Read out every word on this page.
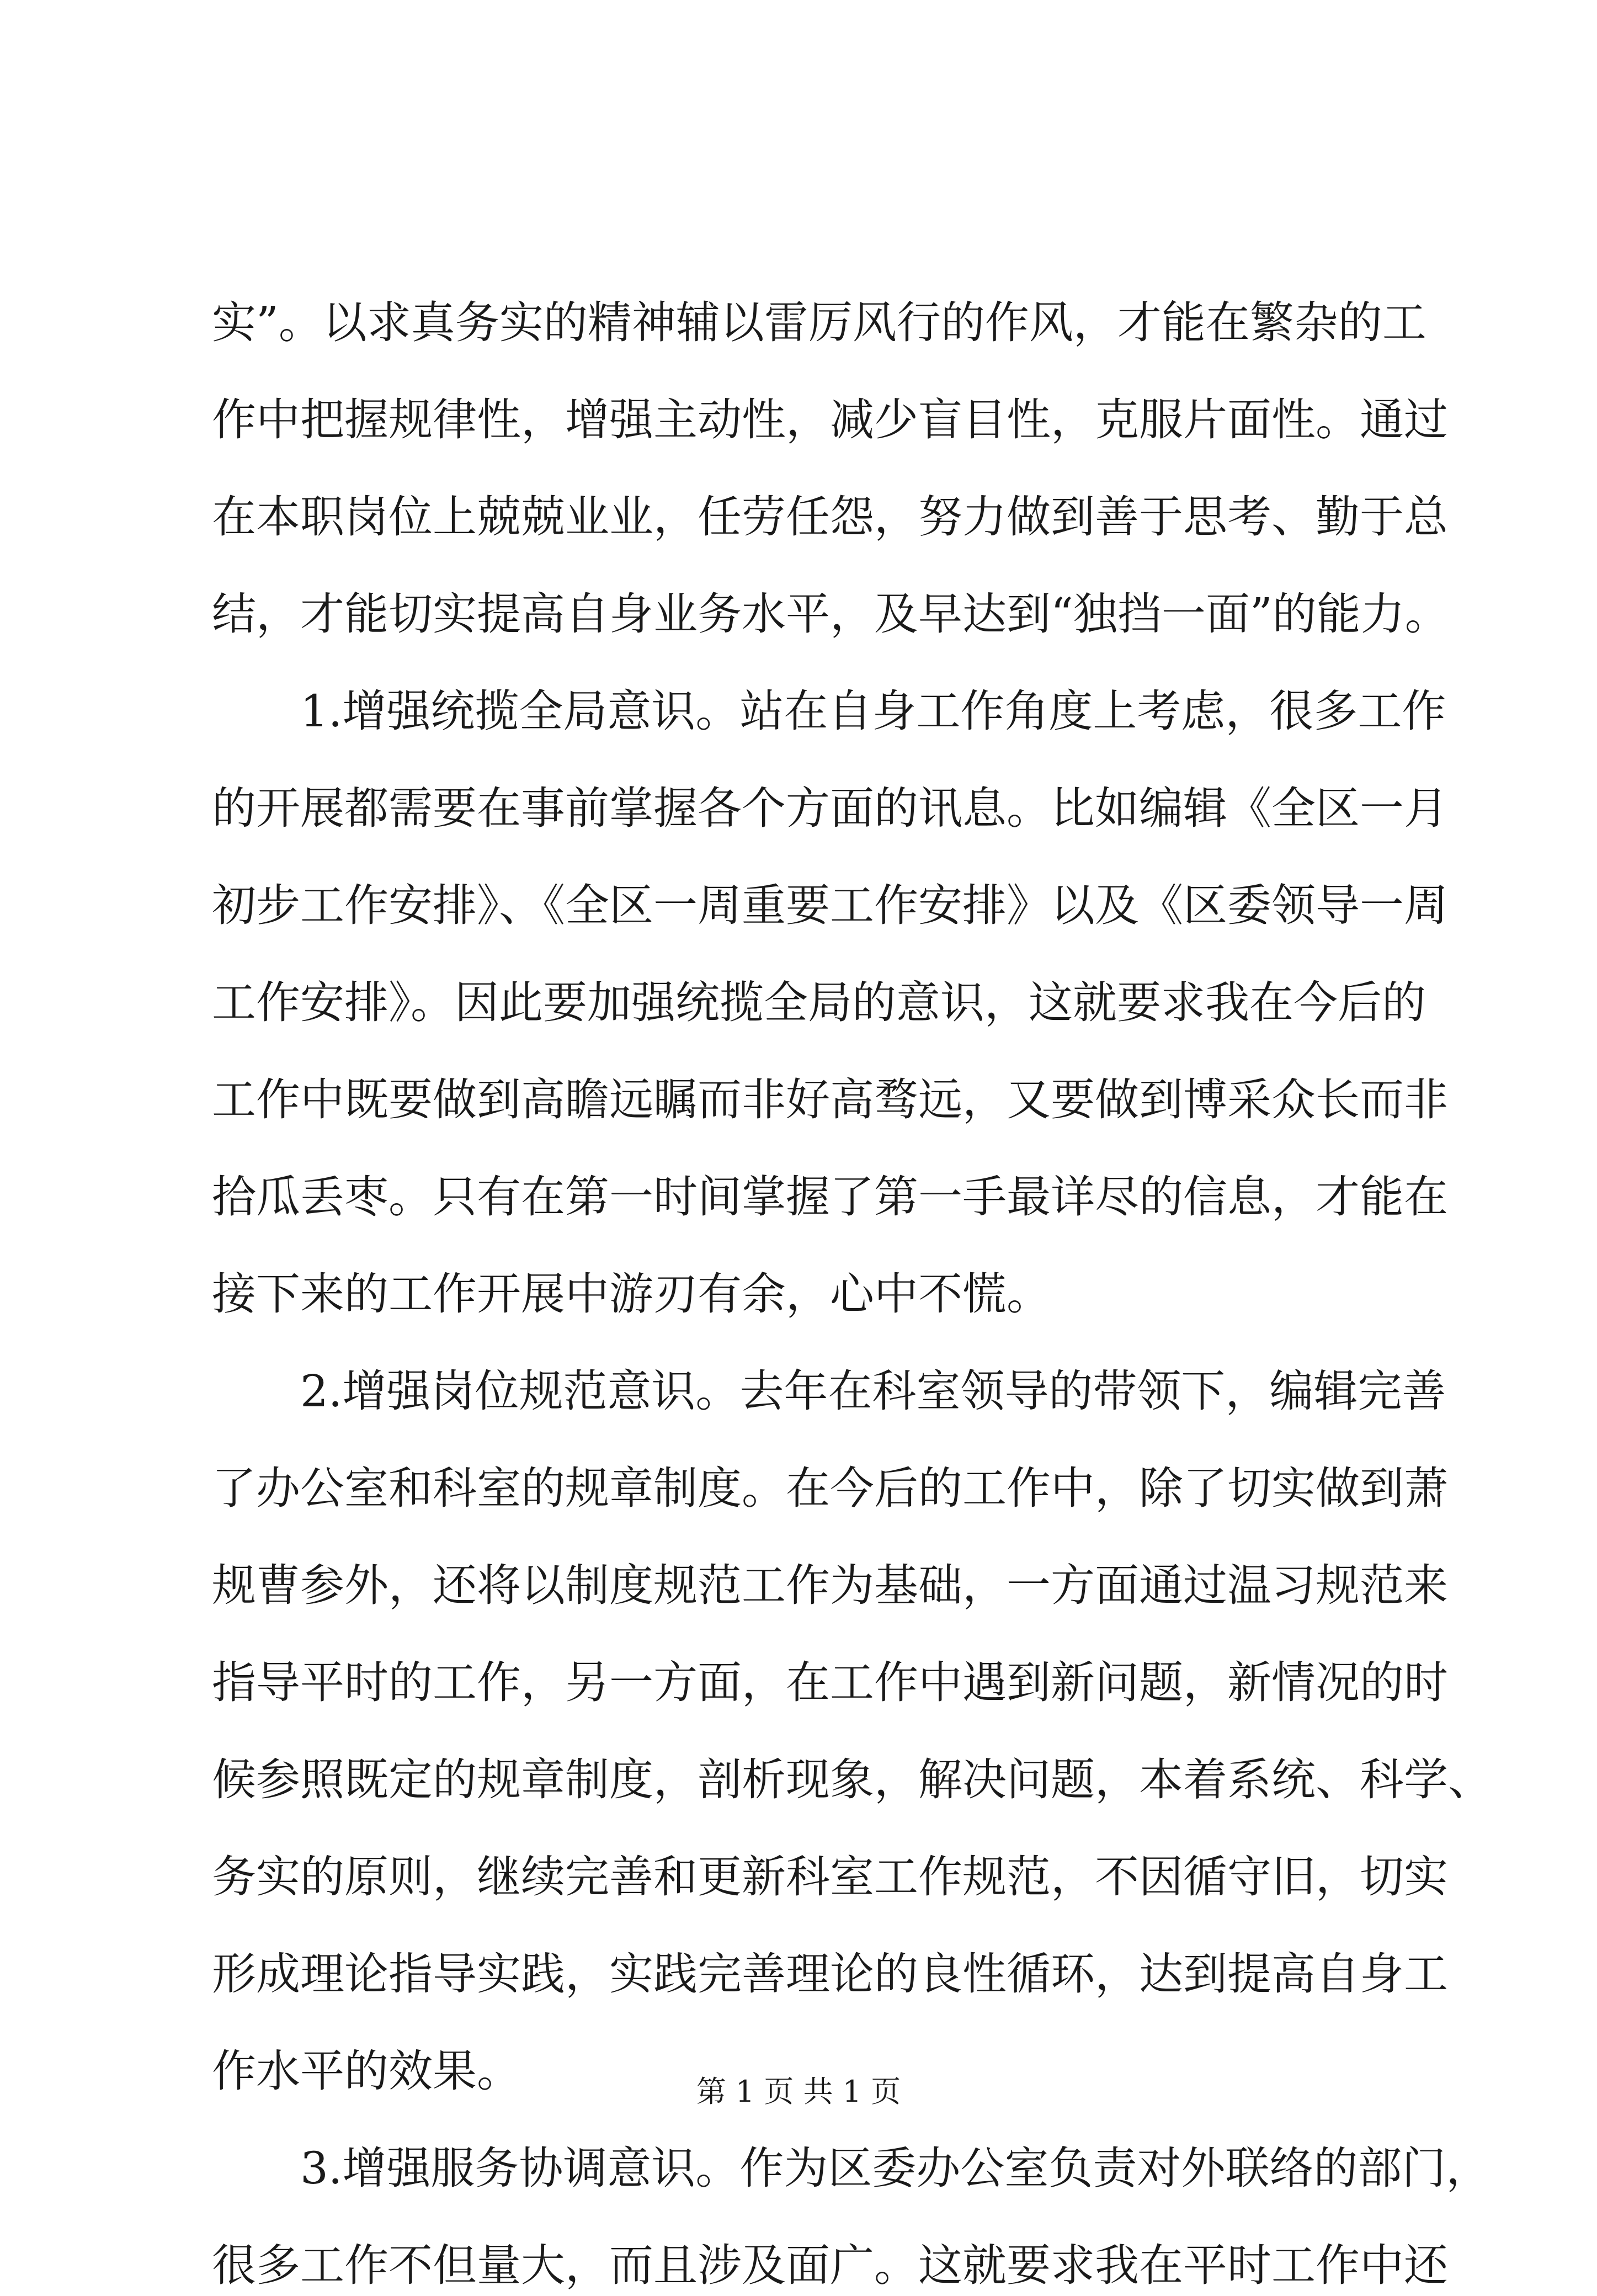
实”。以求真务实的精神辅以雷厉风行的作风，才能在繁杂的工
作中把握规律性，增强主动性，减少盲目性，克服片面性。通过
在本职岗位上兢兢业业，任劳任怨，努力做到善于思考、勤于总
结，才能切实提高自身业务水平，及早达到“独挡一面”的能力。
1.增强统揽全局意识。站在自身工作角度上考虑，很多工作
的开展都需要在事前掌握各个方面的讯息。比如编辑《全区一月
初步工作安排》、《全区一周重要工作安排》以及《区委领导一周
工作安排》。因此要加强统揽全局的意识，这就要求我在今后的
工作中既要做到高瞻远瞩而非好高骛远，又要做到博采众长而非
拾瓜丢枣。只有在第一时间掌握了第一手最详尽的信息，才能在
接下来的工作开展中游刃有余，心中不慌。
2.增强岗位规范意识。去年在科室领导的带领下，编辑完善
了办公室和科室的规章制度。在今后的工作中，除了切实做到萧
规曹参外，还将以制度规范工作为基础，一方面通过温习规范来
指导平时的工作，另一方面，在工作中遇到新问题，新情况的时
候参照既定的规章制度，剖析现象，解决问题，本着系统、科学、
务实的原则，继续完善和更新科室工作规范，不因循守旧，切实
形成理论指导实践，实践完善理论的良性循环，达到提高自身工
作水平的效果。
3.增强服务协调意识。作为区委办公室负责对外联络的部门，
很多工作不但量大，而且涉及面广。这就要求我在平时工作中还
第 1 页 共 1 页
